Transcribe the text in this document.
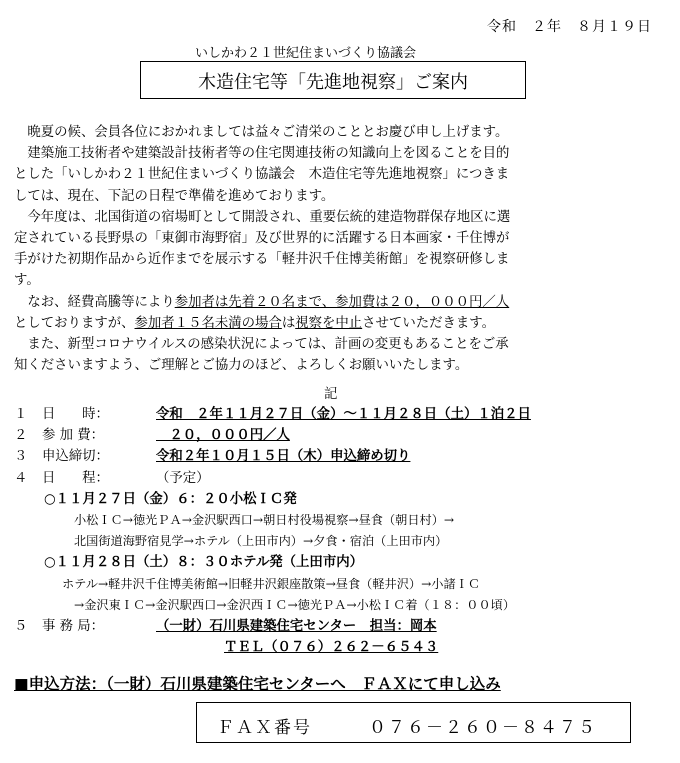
令和　２年　８月１９日
いしかわ２１世紀住まいづくり協議会
木造住宅等「先進地視察」ご案内

　晩夏の候、会員各位におかれましては益々ご清栄のこととお慶び申し上げます。

　建築施工技術者や建築設計技術者等の住宅関連技術の知識向上を図ることを目的

とした「いしかわ２１世紀住まいづくり協議会　木造住宅等先進地視察」につきま

しては、現在、下記の日程で準備を進めております。

　今年度は、北国街道の宿場町として開設され、重要伝統的建造物群保存地区に選

定されている長野県の「東御市海野宿」及び世界的に活躍する日本画家・千住博が

手がけた初期作品から近作までを展示する「軽井沢千住博美術館」を視察研修しま

す。

　なお、経費高騰等により参加者は先着２０名まで、参加費は２０，０００円／人

としておりますが、参加者１５名未満の場合は視察を中止させていただきます。

　また、新型コロナウイルスの感染状況によっては、計画の変更もあることをご承

知くださいますよう、ご理解とご協力のほど、よろしくお願いいたします。

記
１ 日　　時：	令和　２年１１月２７日（金）～１１月２８日（土）１泊２日
２ 参 加 費：	　２０，０００円／人
３ 申込締切：	令和２年１０月１５日（木）申込締め切り
４ 日　　程：	（予定）
○１１月２７日（金）６：２０小松ＩＣ発
小松ＩＣ→徳光ＰＡ→金沢駅西口→朝日村役場視察→昼食（朝日村）→
北国街道海野宿見学→ホテル（上田市内）→夕食・宿泊（上田市内）
○１１月２８日（土）８：３０ホテル発（上田市内）
ホテル→軽井沢千住博美術館→旧軽井沢銀座散策→昼食（軽井沢）→小諸ＩＣ
→金沢東ＩＣ→金沢駅西口→金沢西ＩＣ→徳光ＰＡ→小松ＩＣ着（１８：００頃）
５ 事 務 局：	（一財）石川県建築住宅センター　担当：岡本
ＴＥＬ（０７６）２６２－６５４３
■申込方法：（一財）石川県建築住宅センターへ　ＦＡＸにて申し込み
ＦＡＸ番号　　　０７６－２６０－８４７５
